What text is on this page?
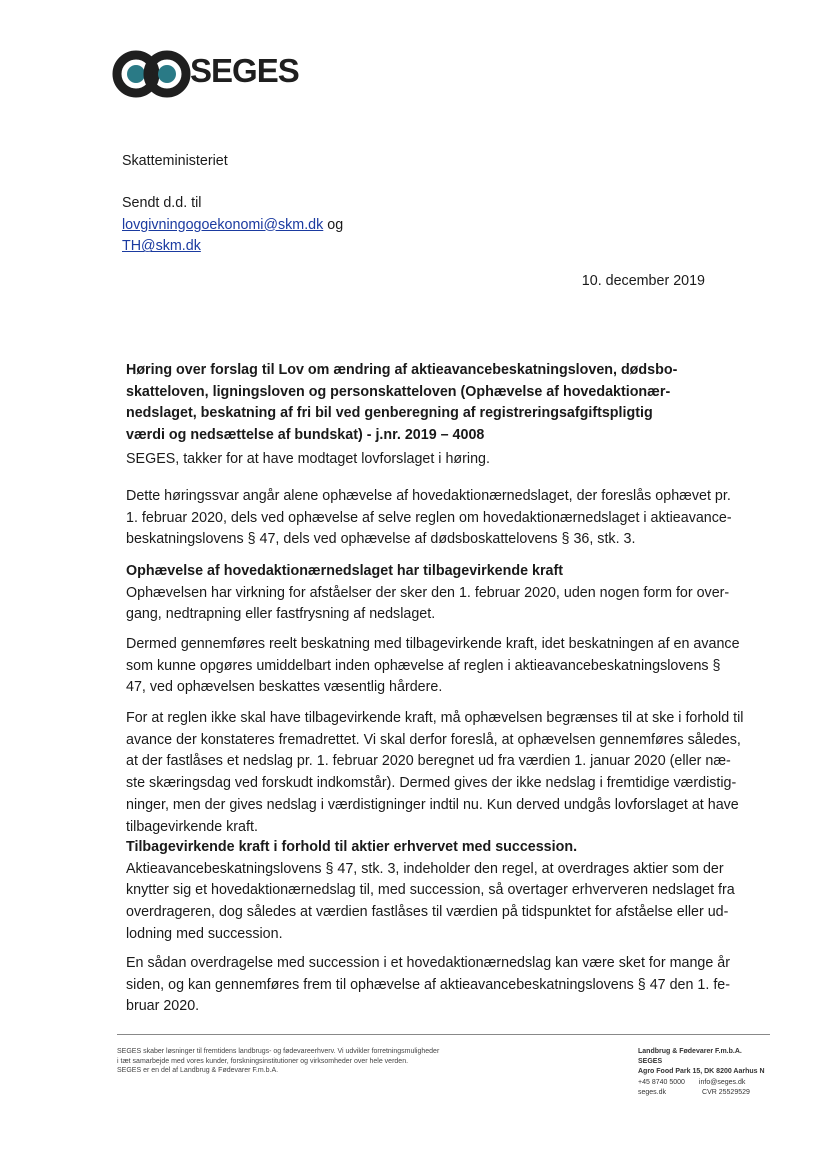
SEGES
Skatteministeriet
Sendt d.d. til
lovgivningogoekonomi@skm.dk og
TH@skm.dk
10. december 2019
Høring over forslag til Lov om ændring af aktieavancebeskatningsloven, dødsbo-
skatteloven, ligningsloven og personskatteloven (Ophævelse af hovedaktionær-
nedslaget, beskatning af fri bil ved genberegning af registreringsafgiftspligtig
værdi og nedsættelse af bundskat) - j.nr. 2019 – 4008
SEGES, takker for at have modtaget lovforslaget i høring.
Dette høringssvar angår alene ophævelse af hovedaktionærnedslaget, der foreslås ophævet pr.
1. februar 2020, dels ved ophævelse af selve reglen om hovedaktionærnedslaget i aktieavance-
beskatningslovens § 47, dels ved ophævelse af dødsboskattelovens § 36, stk. 3.
Ophævelse af hovedaktionærnedslaget har tilbagevirkende kraft
Ophævelsen har virkning for afståelser der sker den 1. februar 2020, uden nogen form for over-
gang, nedtrapning eller fastfrysning af nedslaget.
Dermed gennemføres reelt beskatning med tilbagevirkende kraft, idet beskatningen af en avance
som kunne opgøres umiddelbart inden ophævelse af reglen i aktieavancebeskatningslovens §
47, ved ophævelsen beskattes væsentlig hårdere.
For at reglen ikke skal have tilbagevirkende kraft, må ophævelsen begrænses til at ske i forhold til
avance der konstateres fremadrettet. Vi skal derfor foreslå, at ophævelsen gennemføres således,
at der fastlåses et nedslag pr. 1. februar 2020 beregnet ud fra værdien 1. januar 2020 (eller næ-
ste skæringsdag ved forskudt indkomstår). Dermed gives der ikke nedslag i fremtidige værdistig-
ninger, men der gives nedslag i værdistigninger indtil nu. Kun derved undgås lovforslaget at have
tilbagevirkende kraft.
Tilbagevirkende kraft i forhold til aktier erhvervet med succession.
Aktieavancebeskatningslovens § 47, stk. 3, indeholder den regel, at overdrages aktier som der
knytter sig et hovedaktionærnedslag til, med succession, så overtager erhververen nedslaget fra
overdrageren, dog således at værdien fastlåses til værdien på tidspunktet for afståelse eller ud-
lodning med succession.
En sådan overdragelse med succession i et hovedaktionærnedslag kan være sket for mange år
siden, og kan gennemføres frem til ophævelse af aktieavancebeskatningslovens § 47 den 1. fe-
bruar 2020.
SEGES skaber løsninger til fremtidens landbrugs- og fødevareerhverv. Vi udvikler forretningsmuligheder
i tæt samarbejde med vores kunder, forskningsinstitutioner og virksomheder over hele verden.
SEGES er en del af Landbrug & Fødevarer F.m.b.A.
Landbrug & Fødevarer F.m.b.A.
SEGES
Agro Food Park 15, DK 8200 Aarhus N
+45 8740 5000 info@seges.dk
seges.dk	CVR 25529529
